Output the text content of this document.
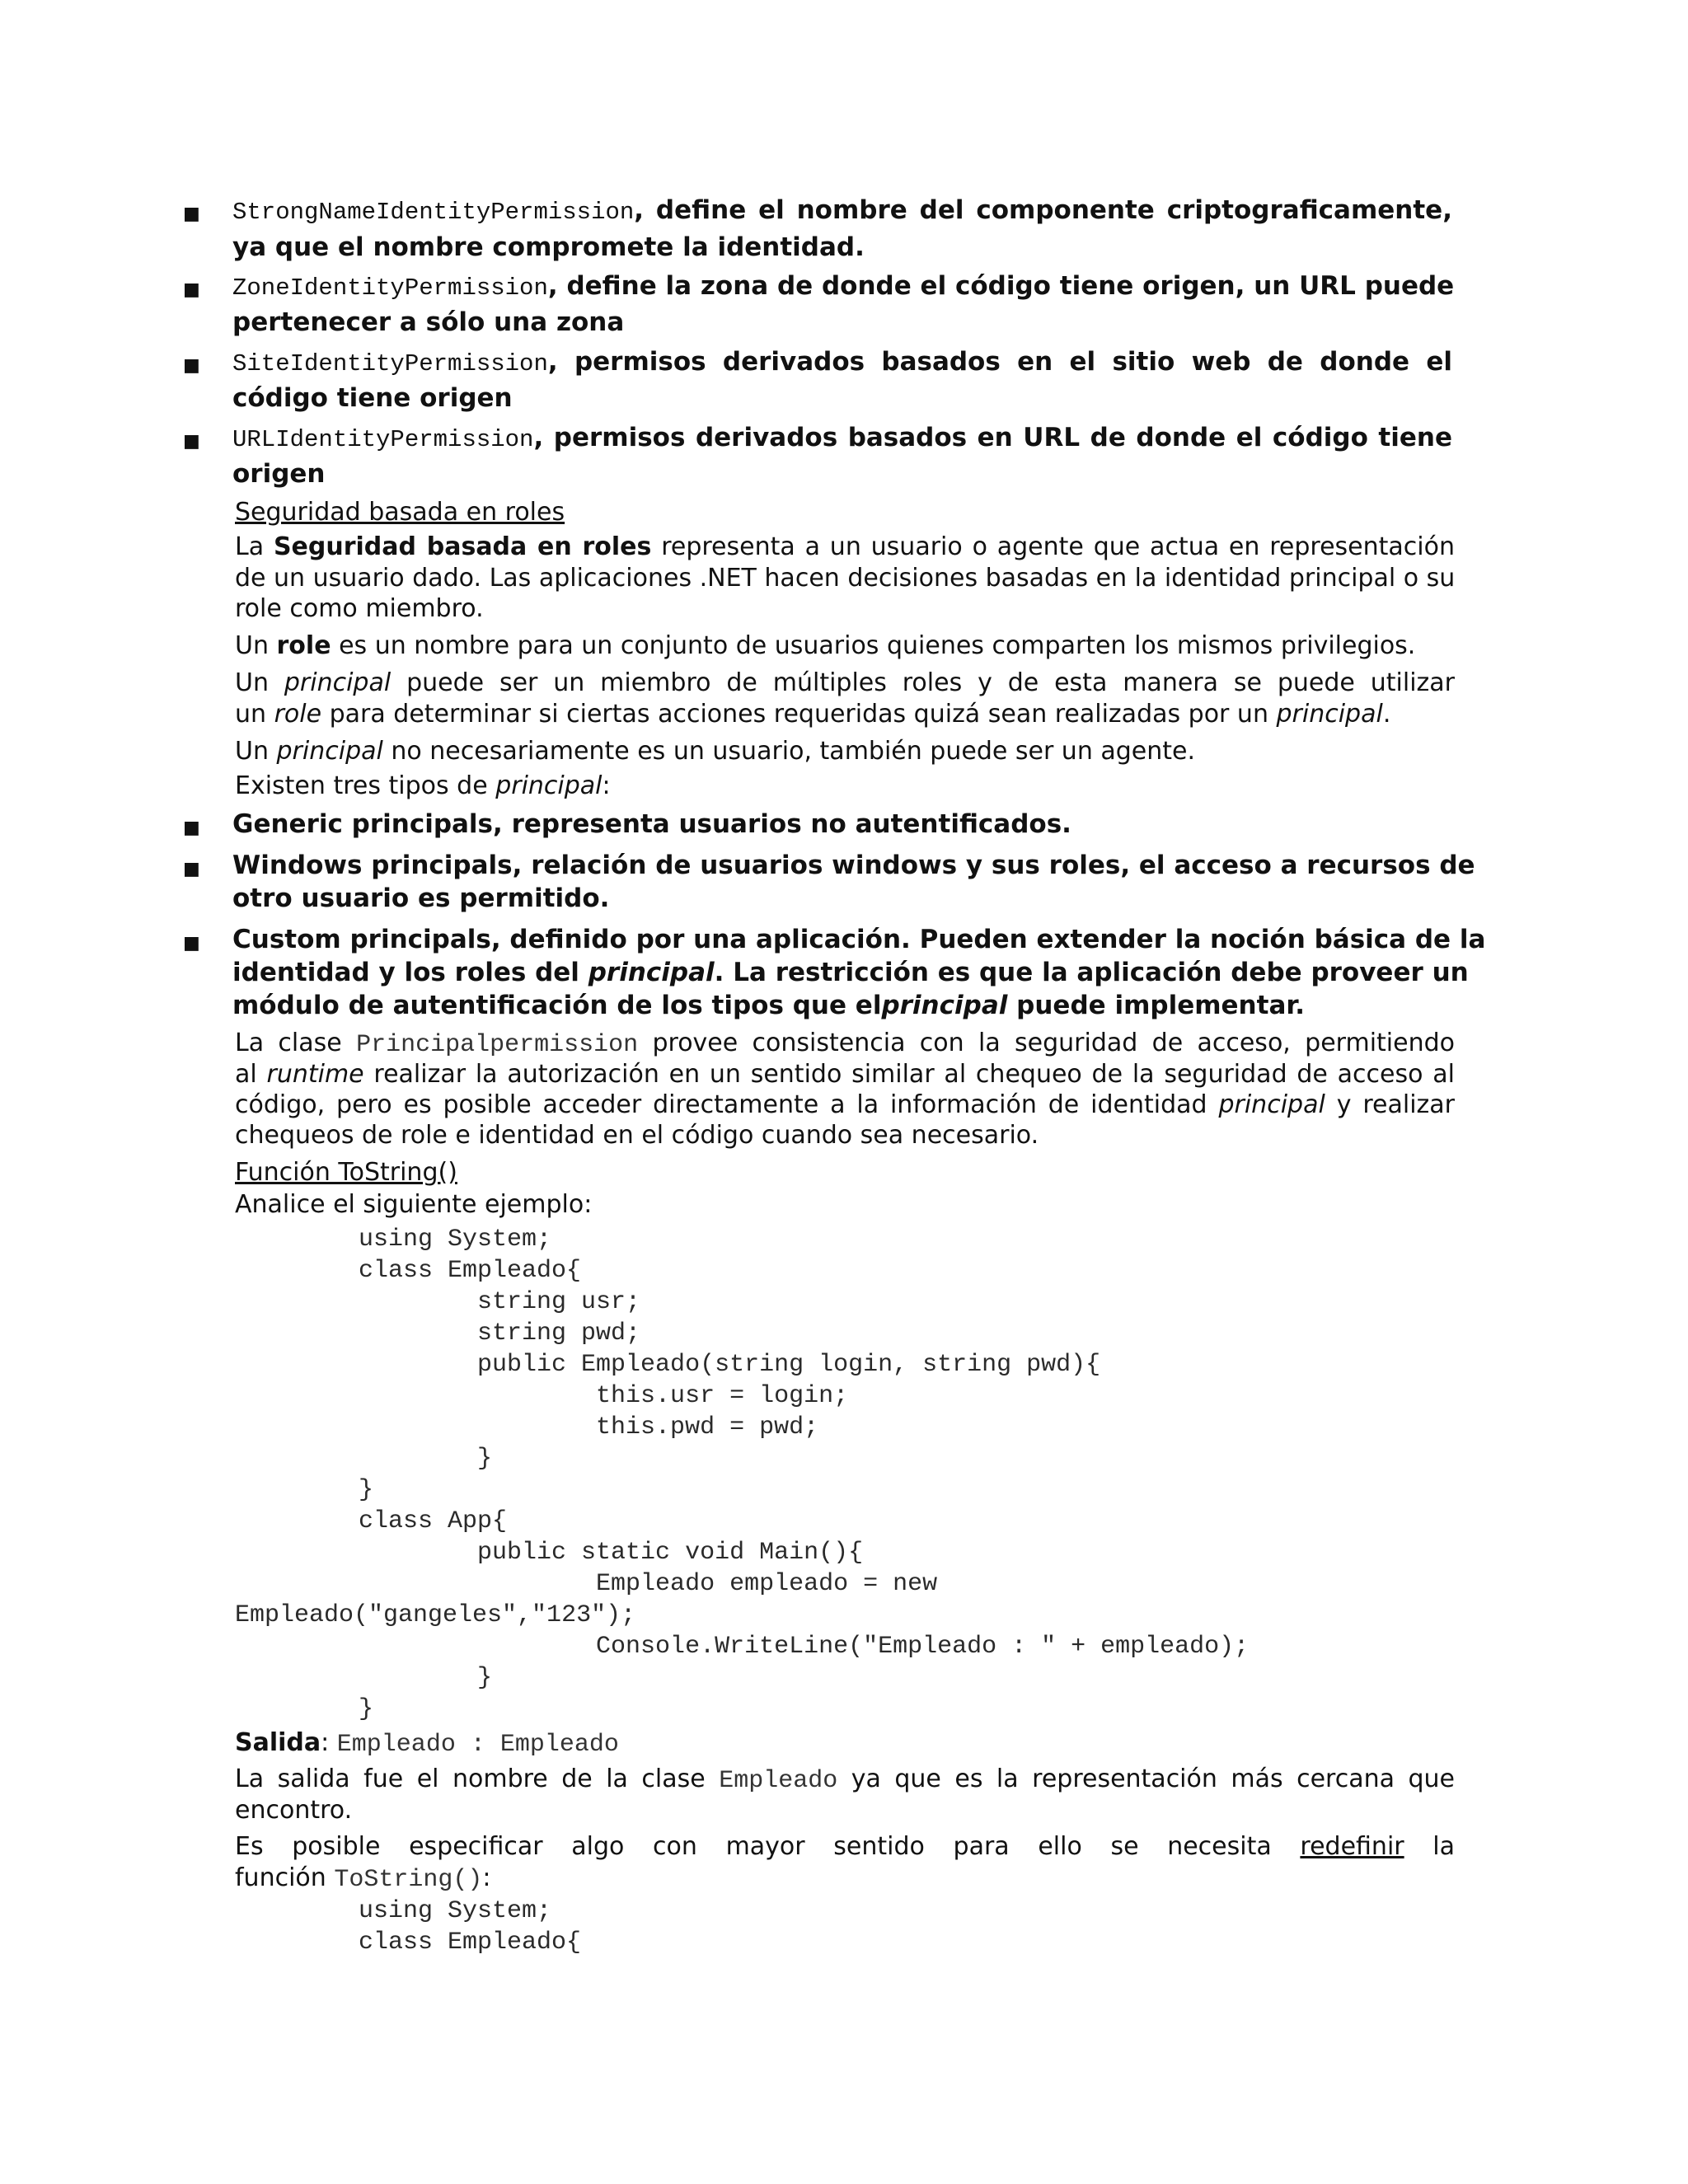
■ StrongNameIdentityPermission, define el nombre del componente criptograficamente,
ya que el nombre compromete la identidad.
■ ZoneIdentityPermission, define la zona de donde el código tiene origen, un URL puede
pertenecer a sólo una zona
■ SiteIdentityPermission, permisos derivados basados en el sitio web de donde el
código tiene origen
■ URLIdentityPermission, permisos derivados basados en URL de donde el código tiene
origen
Seguridad basada en roles
La Seguridad basada en roles representa a un usuario o agente que actua en representación
de un usuario dado. Las aplicaciones .NET hacen decisiones basadas en la identidad principal o su
role como miembro.
Un role es un nombre para un conjunto de usuarios quienes comparten los mismos privilegios.
Un principal puede ser un miembro de múltiples roles y de esta manera se puede utilizar
un role para determinar si ciertas acciones requeridas quizá sean realizadas por un principal.
Un principal no necesariamente es un usuario, también puede ser un agente.
Existen tres tipos de principal:
■ Generic principals, representa usuarios no autentificados.
■ Windows principals, relación de usuarios windows y sus roles, el acceso a recursos de
otro usuario es permitido.
■ Custom principals, definido por una aplicación. Pueden extender la noción básica de la
identidad y los roles del principal. La restricción es que la aplicación debe proveer un
módulo de autentificación de los tipos que elprincipal puede implementar.
La clase Principalpermission provee consistencia con la seguridad de acceso, permitiendo
al runtime realizar la autorización en un sentido similar al chequeo de la seguridad de acceso al
código, pero es posible acceder directamente a la información de identidad principal y realizar
chequeos de role e identidad en el código cuando sea necesario.
Función ToString()
Analice el siguiente ejemplo:
using System;
class Empleado{
string usr;
string pwd;
public Empleado(string login, string pwd){
this.usr = login;
this.pwd = pwd;
}
}
class App{
public static void Main(){
Empleado empleado = new
Empleado("gangeles","123");
Console.WriteLine("Empleado : " + empleado);
}
}
Salida: Empleado : Empleado
La salida fue el nombre de la clase Empleado ya que es la representación más cercana que
encontro.
Es posible especificar algo con mayor sentido para ello se necesita redefinir la
función ToString():
using System;
class Empleado{
